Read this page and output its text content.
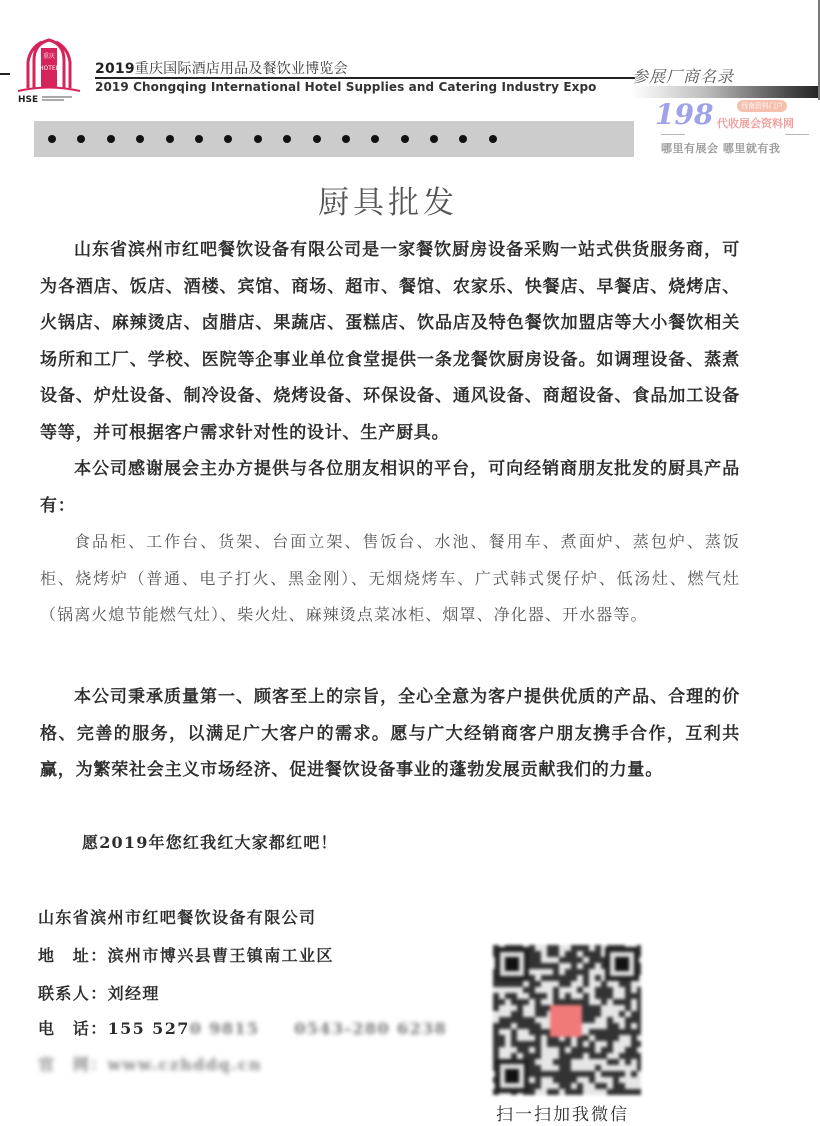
重庆
HOTEL
HSE
2019重庆国际酒店用品及餐饮业博览会
2019 Chongqing International Hotel Supplies and Catering Industry Expo
参展厂商名录
198	西南资料门户
代收展会资料网
哪里有展会 哪里就有我
厨具批发
山东省滨州市红吧餐饮设备有限公司是一家餐饮厨房设备采购一站式供货服务商，可为各酒店、饭店、酒楼、宾馆、商场、超市、餐馆、农家乐、快餐店、早餐店、烧烤店、火锅店、麻辣烫店、卤腊店、果蔬店、蛋糕店、饮品店及特色餐饮加盟店等大小餐饮相关场所和工厂、学校、医院等企事业单位食堂提供一条龙餐饮厨房设备。如调理设备、蒸煮设备、炉灶设备、制冷设备、烧烤设备、环保设备、通风设备、商超设备、食品加工设备等等，并可根据客户需求针对性的设计、生产厨具。
本公司感谢展会主办方提供与各位朋友相识的平台，可向经销商朋友批发的厨具产品有：
食品柜、工作台、货架、台面立架、售饭台、水池、餐用车、煮面炉、蒸包炉、蒸饭柜、烧烤炉（普通、电子打火、黑金刚）、无烟烧烤车、广式韩式煲仔炉、低汤灶、燃气灶（锅离火熄节能燃气灶）、柴火灶、麻辣烫点菜冰柜、烟罩、净化器、开水器等。
本公司秉承质量第一、顾客至上的宗旨，全心全意为客户提供优质的产品、合理的价格、完善的服务，以满足广大客户的需求。愿与广大经销商客户朋友携手合作，互利共赢，为繁荣社会主义市场经济、促进餐饮设备事业的蓬勃发展贡献我们的力量。
愿2019年您红我红大家都红吧！
山东省滨州市红吧餐饮设备有限公司
地　址：滨州市博兴县曹王镇南工业区
联系人：刘经理
电　话：155 5270 9815　　0543-280 6238
官　网：www.czhddq.cn
扫一扫加我微信
